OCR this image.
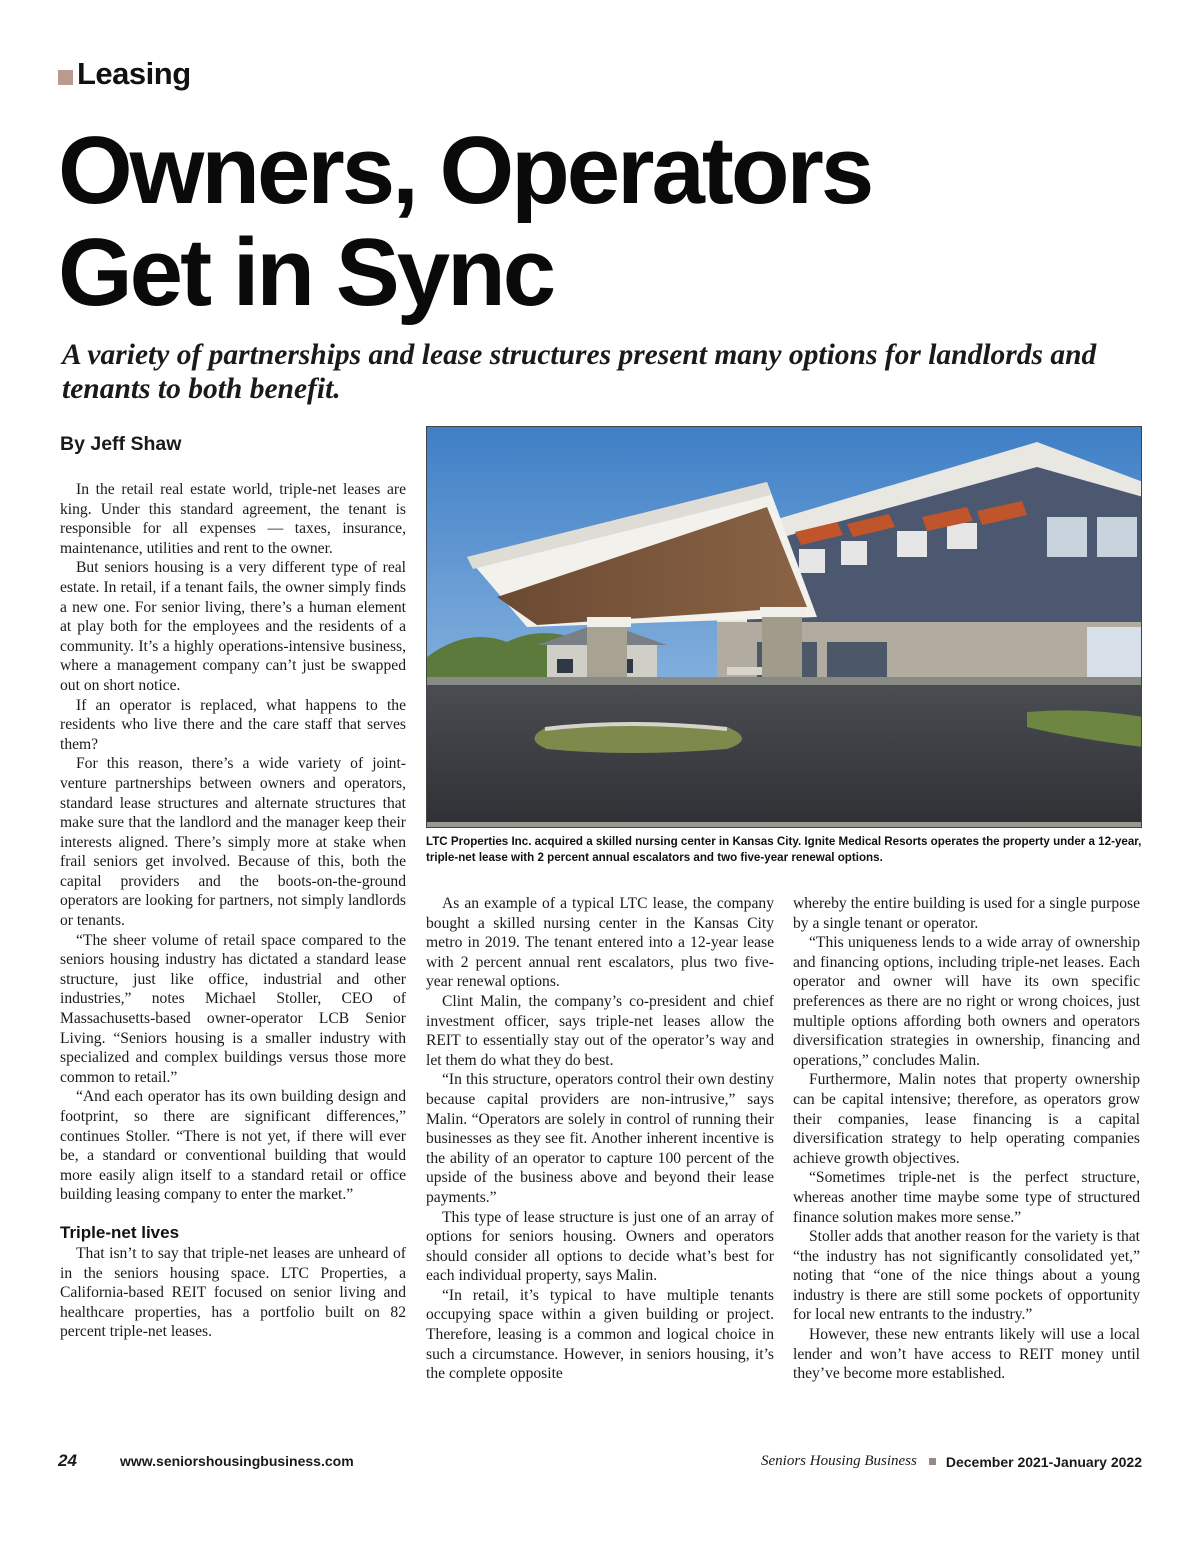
Leasing
Owners, Operators
Get in Sync

A variety of partnerships and lease structures present many options for landlords and tenants to both benefit.

By Jeff Shaw

In the retail real estate world, triple-net leases are king. Under this standard agreement, the tenant is responsible for all expenses — taxes, insurance, maintenance, utilities and rent to the owner.

But seniors housing is a very different type of real estate. In retail, if a tenant fails, the owner simply finds a new one. For senior living, there’s a human element at play both for the employees and the residents of a community. It’s a highly operations-intensive business, where a management company can’t just be swapped out on short notice.

If an operator is replaced, what happens to the residents who live there and the care staff that serves them?

For this reason, there’s a wide variety of joint-venture partnerships between owners and operators, standard lease structures and alternate structures that make sure that the landlord and the manager keep their interests aligned. There’s simply more at stake when frail seniors get involved. Because of this, both the capital providers and the boots-on-the-ground operators are looking for partners, not simply landlords or tenants.

“The sheer volume of retail space compared to the seniors housing industry has dictated a standard lease structure, just like office, industrial and other industries,” notes Michael Stoller, CEO of Massachusetts-based owner-operator LCB Senior Living. “Seniors housing is a smaller industry with specialized and complex buildings versus those more common to retail.”

“And each operator has its own building design and footprint, so there are significant differences,” continues Stoller. “There is not yet, if there will ever be, a standard or conventional building that would more easily align itself to a standard retail or office building leasing company to enter the market.”

Triple-net lives

That isn’t to say that triple-net leases are unheard of in the seniors housing space. LTC Properties, a California-based REIT focused on senior living and healthcare properties, has a portfolio built on 82 percent triple-net leases.

LTC Properties Inc. acquired a skilled nursing center in Kansas City. Ignite Medical Resorts operates the property under a 12-year, triple-net lease with 2 percent annual escalators and two five-year renewal options.

As an example of a typical LTC lease, the company bought a skilled nursing center in the Kansas City metro in 2019. The tenant entered into a 12-year lease with 2 percent annual rent escalators, plus two five-year renewal options.

Clint Malin, the company’s co-president and chief investment officer, says triple-net leases allow the REIT to essentially stay out of the operator’s way and let them do what they do best.

“In this structure, operators control their own destiny because capital providers are non-intrusive,” says Malin. “Operators are solely in control of running their businesses as they see fit. Another inherent incentive is the ability of an operator to capture 100 percent of the upside of the business above and beyond their lease payments.”

This type of lease structure is just one of an array of options for seniors housing. Owners and operators should consider all options to decide what’s best for each individual property, says Malin.

“In retail, it’s typical to have multiple tenants occupying space within a given building or project. Therefore, leasing is a common and logical choice in such a circumstance. However, in seniors housing, it’s the complete opposite

whereby the entire building is used for a single purpose by a single tenant or operator.

“This uniqueness lends to a wide array of ownership and financing options, including triple-net leases. Each operator and owner will have its own specific preferences as there are no right or wrong choices, just multiple options affording both owners and operators diversification strategies in ownership, financing and operations,” concludes Malin.

Furthermore, Malin notes that property ownership can be capital intensive; therefore, as operators grow their companies, lease financing is a capital diversification strategy to help operating companies achieve growth objectives.

“Sometimes triple-net is the perfect structure, whereas another time maybe some type of structured finance solution makes more sense.”

Stoller adds that another reason for the variety is that “the industry has not significantly consolidated yet,” noting that “one of the nice things about a young industry is there are still some pockets of opportunity for local new entrants to the industry.”

However, these new entrants likely will use a local lender and won’t have access to REIT money until they’ve become more established.

24	www.seniorshousingbusiness.com	Seniors Housing Business December 2021-January 2022
